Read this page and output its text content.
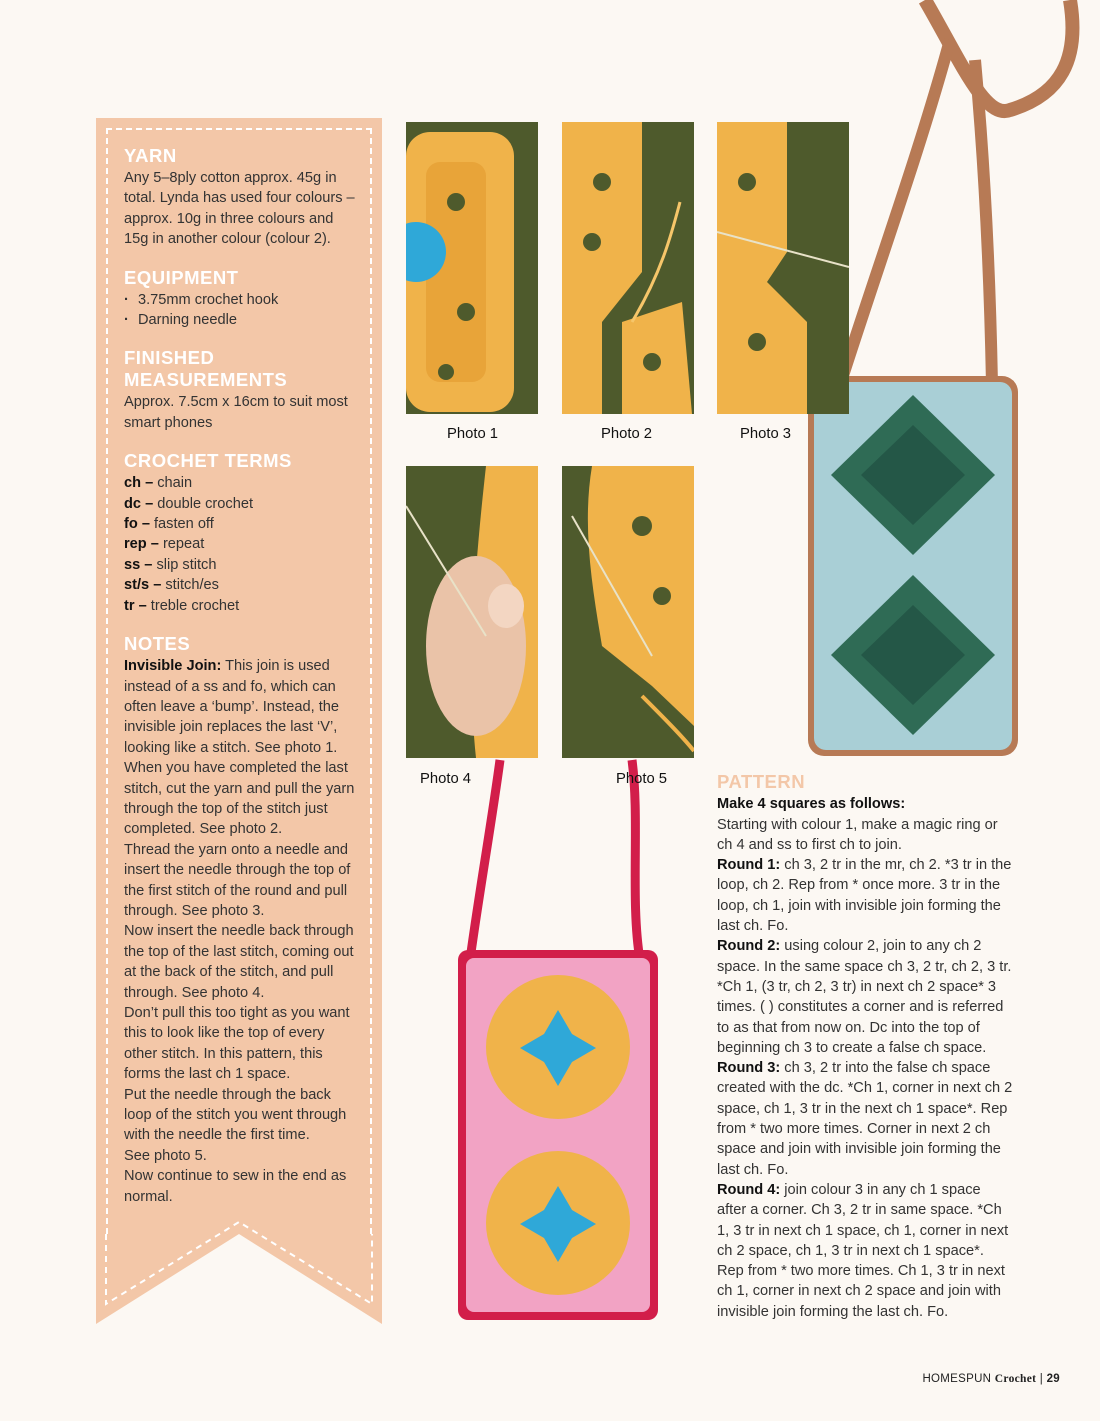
YARN
Any 5–8ply cotton approx. 45g in total. Lynda has used four colours – approx. 10g in three colours and 15g in another colour (colour 2).
EQUIPMENT
· 3.75mm crochet hook
· Darning needle
FINISHED
MEASUREMENTS
Approx. 7.5cm x 16cm to suit most smart phones
CROCHET TERMS
ch – chain
dc – double crochet
fo – fasten off
rep – repeat
ss – slip stitch
st/s – stitch/es
tr – treble crochet
NOTES
Invisible Join: This join is used instead of a ss and fo, which can often leave a ‘bump’. Instead, the invisible join replaces the last ‘V’, looking like a stitch. See photo 1.
When you have completed the last stitch, cut the yarn and pull the yarn through the top of the stitch just completed. See photo 2.
Thread the yarn onto a needle and insert the needle through the top of the first stitch of the round and pull through. See photo 3.
Now insert the needle back through the top of the last stitch, coming out at the back of the stitch, and pull through. See photo 4.
Don’t pull this too tight as you want this to look like the top of every other stitch. In this pattern, this forms the last ch 1 space.
Put the needle through the back loop of the stitch you went through with the needle the first time.
See photo 5.
Now continue to sew in the end as normal.
Photo 1	Photo 2	Photo 3
Photo 4	Photo 5	PATTERN

Make 4 squares as follows:

Starting with colour 1, make a magic ring or ch 4 and ss to first ch to join.

Round 1: ch 3, 2 tr in the mr, ch 2. *3 tr in the loop, ch 2. Rep from * once more. 3 tr in the loop, ch 1, join with invisible join forming the last ch. Fo.

Round 2: using colour 2, join to any ch 2 space. In the same space ch 3, 2 tr, ch 2, 3 tr. *Ch 1, (3 tr, ch 2, 3 tr) in next ch 2 space* 3 times. ( ) constitutes a corner and is referred to as that from now on. Dc into the top of beginning ch 3 to create a false ch space.

Round 3: ch 3, 2 tr into the false ch space created with the dc. *Ch 1, corner in next ch 2 space, ch 1, 3 tr in the next ch 1 space*. Rep from * two more times. Corner in next 2 ch space and join with invisible join forming the last ch. Fo.

Round 4: join colour 3 in any ch 1 space after a corner. Ch 3, 2 tr in same space. *Ch 1, 3 tr in next ch 1 space, ch 1, corner in next ch 2 space, ch 1, 3 tr in next ch 1 space*. Rep from * two more times. Ch 1, 3 tr in next ch 1, corner in next ch 2 space and join with invisible join forming the last ch. Fo.

HOMESPUN Crochet | 29
